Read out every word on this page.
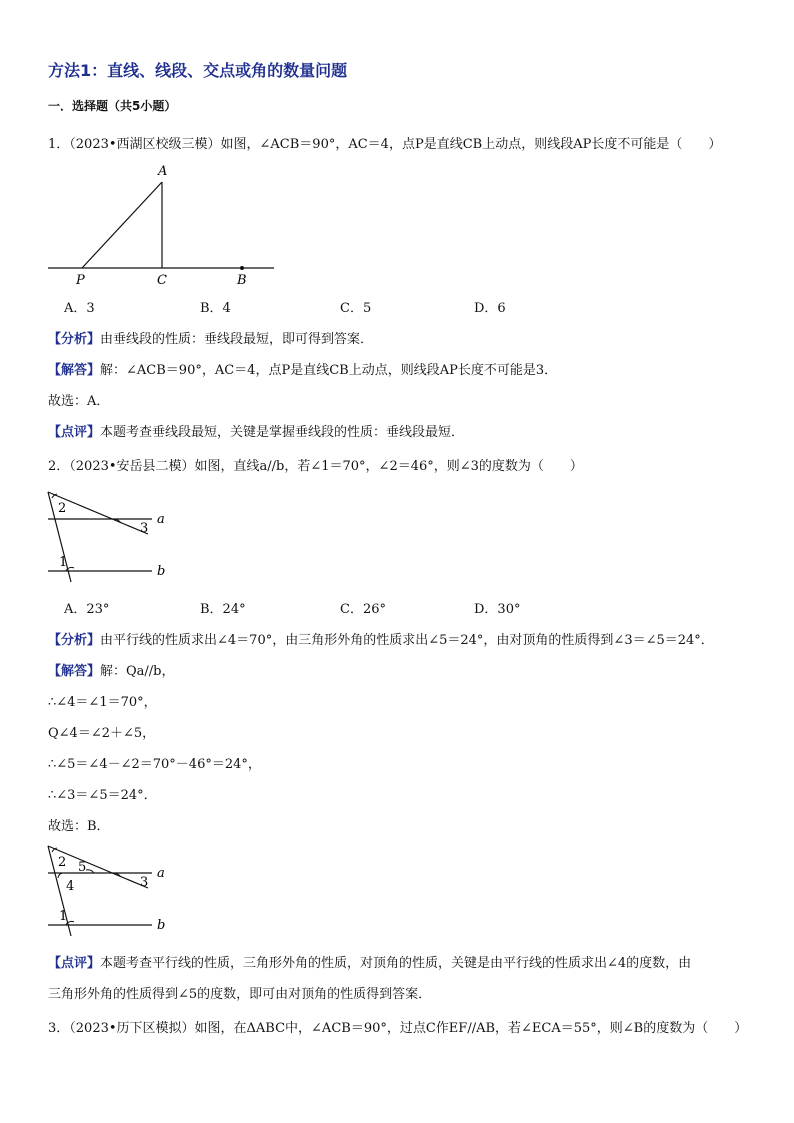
方法1：直线、线段、交点或角的数量问题
一．选择题（共5小题）
1．（2023•西湖区校级三模）如图，∠ACB＝90°，AC＝4，点P是直线CB上动点，则线段AP长度不可能是（　　）
A
P	C	B
A．3	B．4	C．5	D．6
【分析】由垂线段的性质：垂线段最短，即可得到答案．
【解答】解：∠ACB＝90°，AC＝4，点P是直线CB上动点，则线段AP长度不可能是3．
故选：A．
【点评】本题考查垂线段最短，关键是掌握垂线段的性质：垂线段最短．
2．（2023•安岳县二模）如图，直线a//b，若∠1＝70°，∠2＝46°，则∠3的度数为（　　）
2
3
1
a
b
A．23°	B．24°	C．26°	D．30°
【分析】由平行线的性质求出∠4＝70°，由三角形外角的性质求出∠5＝24°，由对顶角的性质得到∠3＝∠5＝24°．
【解答】解：Qa//b，
∴∠4＝∠1＝70°，
Q∠4＝∠2＋∠5，
∴∠5＝∠4－∠2＝70°－46°＝24°，
∴∠3＝∠5＝24°．
故选：B．
2 5
3
4
1
a
b
【点评】本题考查平行线的性质，三角形外角的性质，对顶角的性质，关键是由平行线的性质求出∠4的度数，由
三角形外角的性质得到∠5的度数，即可由对顶角的性质得到答案．
3．（2023•历下区模拟）如图，在ΔABC中，∠ACB＝90°，过点C作EF//AB，若∠ECA＝55°，则∠B的度数为（　　）
